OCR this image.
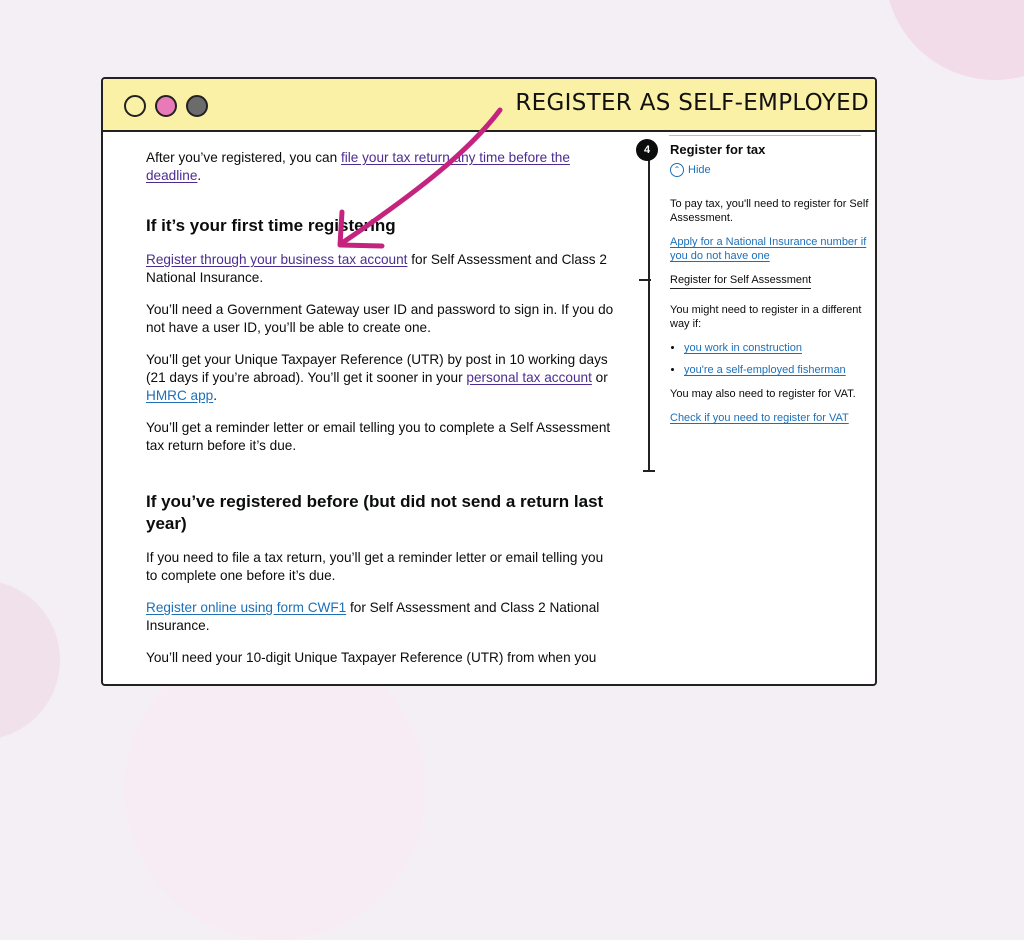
REGISTER AS SELF-EMPLOYED

After you’ve registered, you can file your tax return any time before the deadline.

If it’s your first time registering

Register through your business tax account for Self Assessment and Class 2 National Insurance.

You’ll need a Government Gateway user ID and password to sign in. If you do not have a user ID, you’ll be able to create one.

You’ll get your Unique Taxpayer Reference (UTR) by post in 10 working days (21 days if you’re abroad). You’ll get it sooner in your personal tax account or HMRC app.

You’ll get a reminder letter or email telling you to complete a Self Assessment tax return before it’s due.

If you’ve registered before (but did not send a return last year)

If you need to file a tax return, you’ll get a reminder letter or email telling you to complete one before it’s due.

Register online using form CWF1 for Self Assessment and Class 2 National Insurance.

You’ll need your 10-digit Unique Taxpayer Reference (UTR) from when you

4	Register for tax
⌃ Hide

To pay tax, you'll need to register for Self Assessment.

Apply for a National Insurance number if you do not have one

Register for Self Assessment

You might need to register in a different way if:

• you work in construction
• you're a self-employed fisherman

You may also need to register for VAT.

Check if you need to register for VAT
